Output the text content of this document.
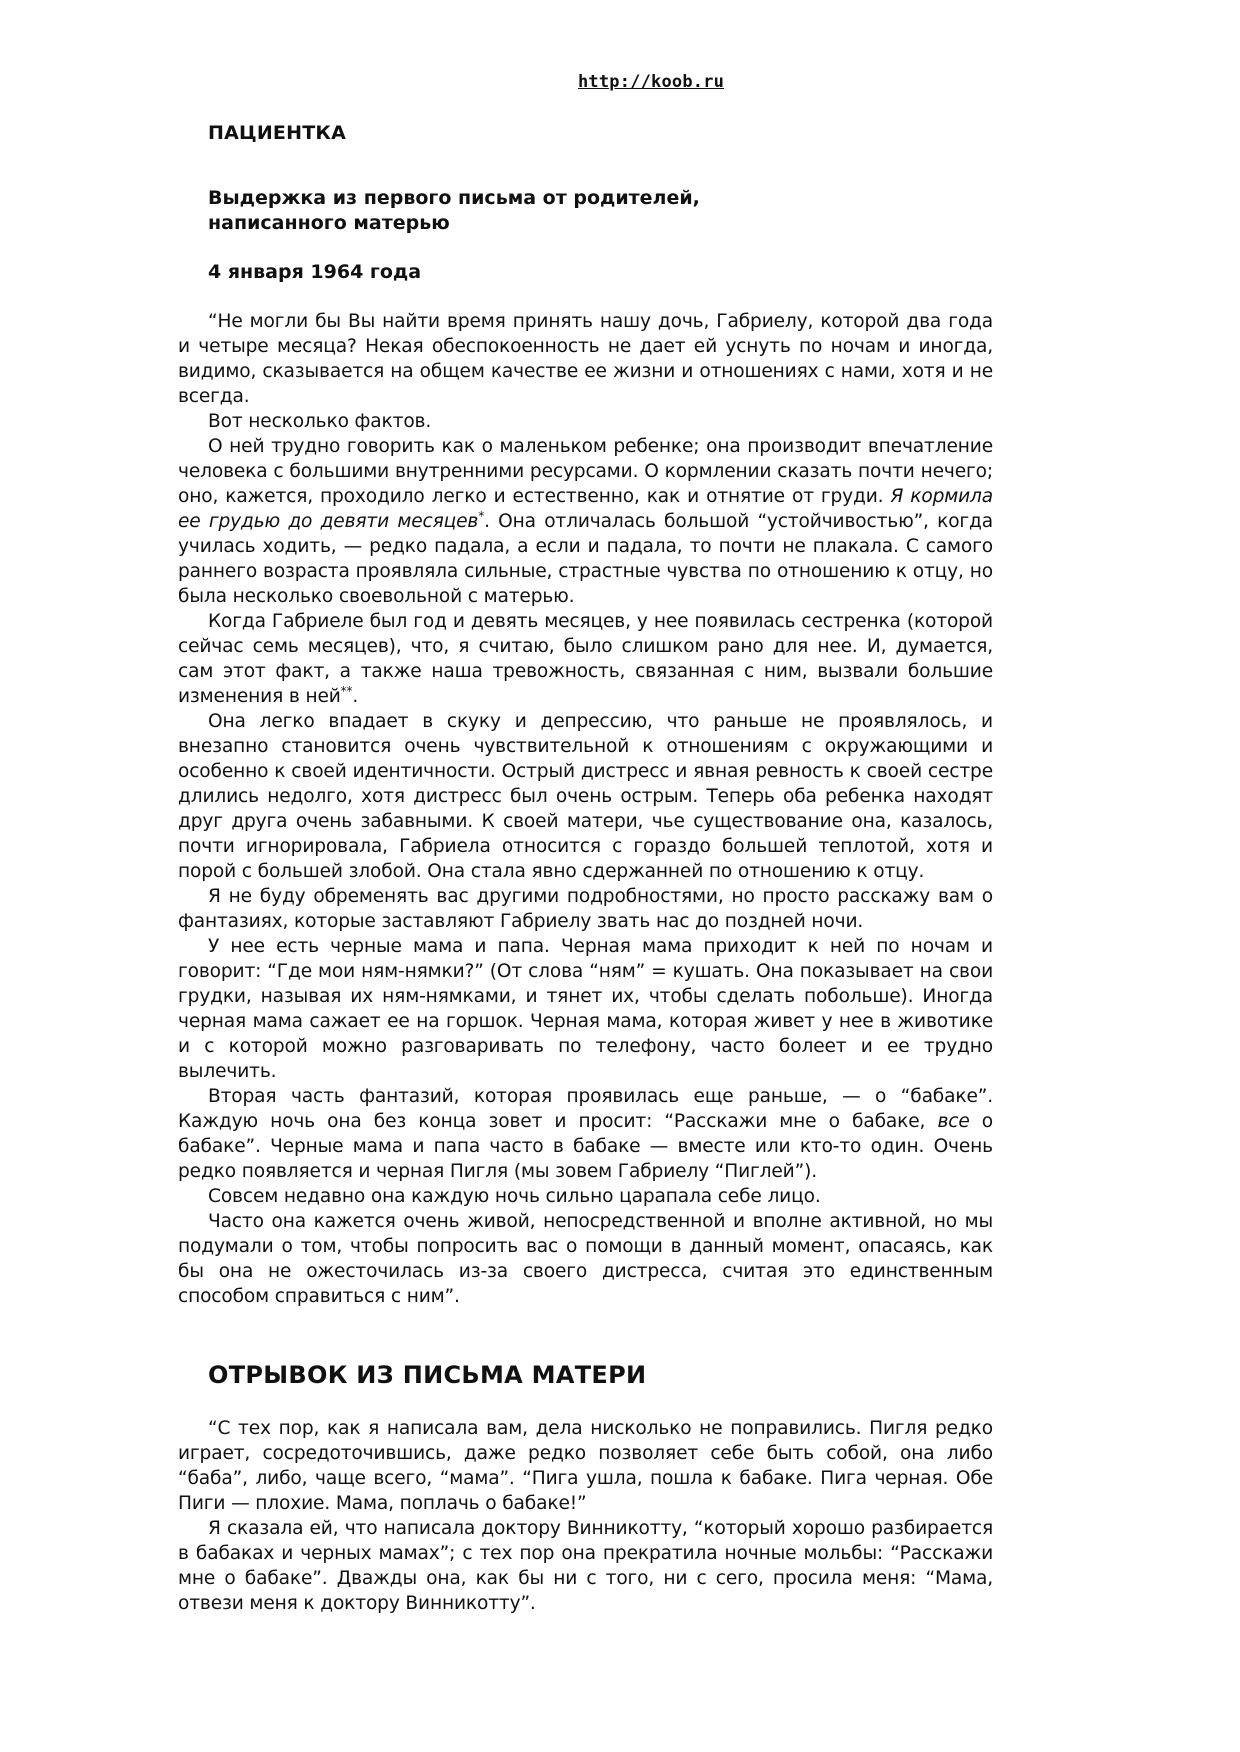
http://koob.ru
ПАЦИЕНТКА
Выдержка из первого письма от родителей,
написанного матерью
4 января 1964 года

“Не могли бы Вы найти время принять нашу дочь, Габриелу, которой два года и четыре месяца? Некая обеспокоенность не дает ей уснуть по ночам и иногда, видимо, сказывается на общем качестве ее жизни и отношениях с нами, хотя и не всегда.

Вот несколько фактов.

О ней трудно говорить как о маленьком ребенке; она производит впечатление человека с большими внутренними ресурсами. О кормлении сказать почти нечего; оно, кажется, проходило легко и естественно, как и отнятие от груди. Я кормила ее грудью до девяти месяцев*. Она отличалась большой “устойчивостью”, когда училась ходить, — редко падала, а если и падала, то почти не плакала. С самого раннего возраста проявляла сильные, страстные чувства по отношению к отцу, но была несколько своевольной с матерью.

Когда Габриеле был год и девять месяцев, у нее появилась сестренка (которой сейчас семь месяцев), что, я считаю, было слишком рано для нее. И, думается, сам этот факт, а также наша тревожность, связанная с ним, вызвали большие изменения в ней**.

Она легко впадает в скуку и депрессию, что раньше не проявлялось, и внезапно становится очень чувствительной к отношениям с окружающими и особенно к своей идентичности. Острый дистресс и явная ревность к своей сестре длились недолго, хотя дистресс был очень острым. Теперь оба ребенка находят друг друга очень забавными. К своей матери, чье существование она, казалось, почти игнорировала, Габриела относится с гораздо большей теплотой, хотя и порой с большей злобой. Она стала явно сдержанней по отношению к отцу.

Я не буду обременять вас другими подробностями, но просто расскажу вам о фантазиях, которые заставляют Габриелу звать нас до поздней ночи.

У нее есть черные мама и папа. Черная мама приходит к ней по ночам и говорит: “Где мои ням-нямки?” (От слова “ням” = кушать. Она показывает на свои грудки, называя их ням-нямками, и тянет их, чтобы сделать побольше). Иногда черная мама сажает ее на горшок. Черная мама, которая живет у нее в животике и с которой можно разговаривать по телефону, часто болеет и ее трудно вылечить.

Вторая часть фантазий, которая проявилась еще раньше, — о “бабаке”. Каждую ночь она без конца зовет и просит: “Расскажи мне о бабаке, все о бабаке”. Черные мама и папа часто в бабаке — вместе или кто-то один. Очень редко появляется и черная Пигля (мы зовем Габриелу “Пиглей”).

Совсем недавно она каждую ночь сильно царапала себе лицо.

Часто она кажется очень живой, непосредственной и вполне активной, но мы подумали о том, чтобы попросить вас о помощи в данный момент, опасаясь, как бы она не ожесточилась из-за своего дистресса, считая это единственным способом справиться с ним”.

ОТРЫВОК ИЗ ПИСЬМА МАТЕРИ

“С тех пор, как я написала вам, дела нисколько не поправились. Пигля редко играет, сосредоточившись, даже редко позволяет себе быть собой, она либо “баба”, либо, чаще всего, “мама”. “Пига ушла, пошла к бабаке. Пига черная. Обе Пиги — плохие. Мама, поплачь о бабаке!”

Я сказала ей, что написала доктору Винникотту, “который хорошо разбирается в бабаках и черных мамах”; с тех пор она прекратила ночные мольбы: “Расскажи мне о бабаке”. Дважды она, как бы ни с того, ни с сего, просила меня: “Мама, отвези меня к доктору Винникотту”.
